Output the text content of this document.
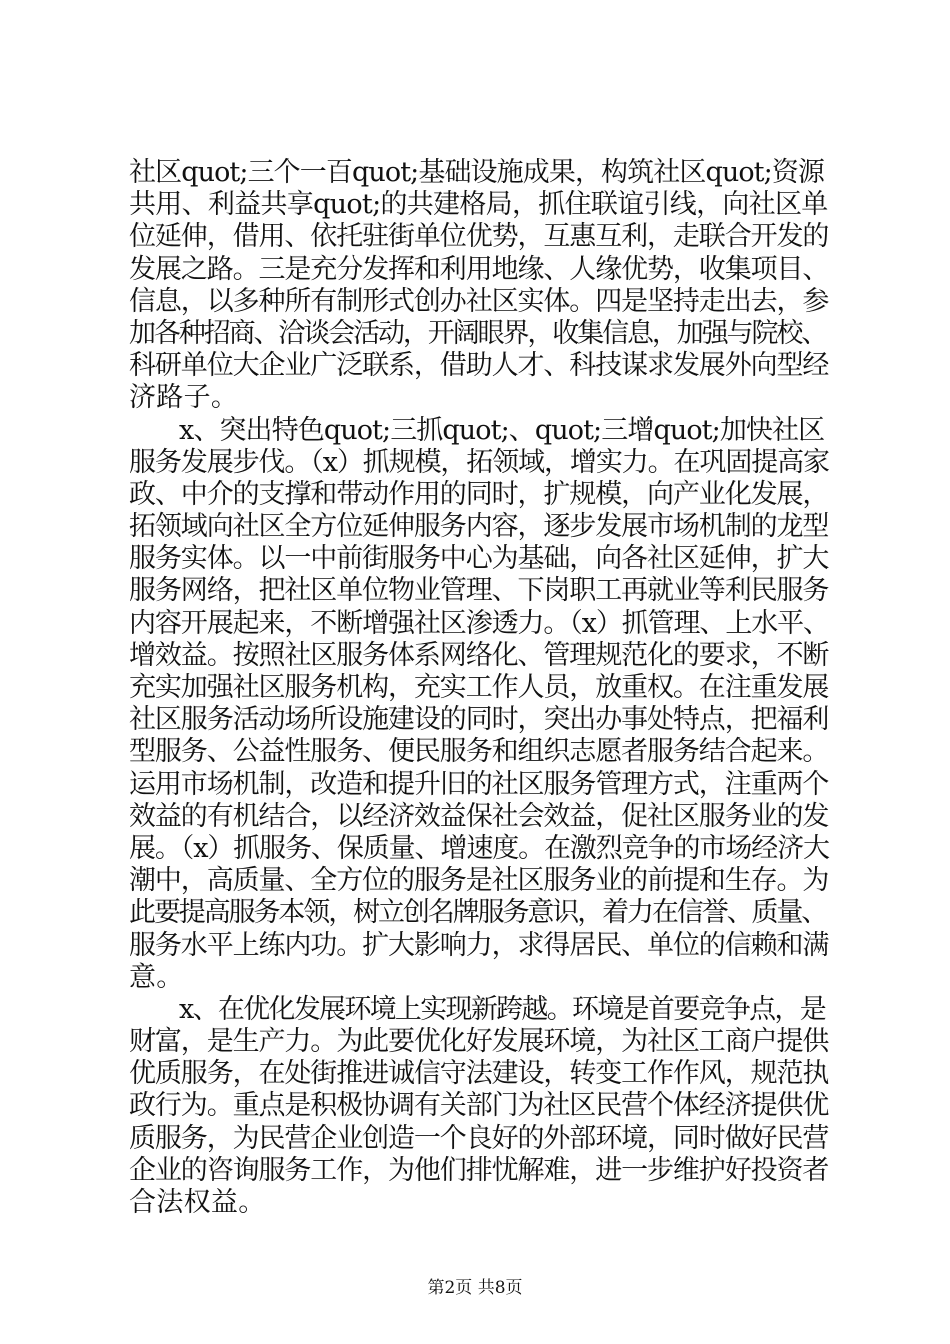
社区quot;三个一百quot;基础设施成果，构筑社区quot;资源
共用、利益共享quot;的共建格局，抓住联谊引线，向社区单
位延伸，借用、依托驻街单位优势，互惠互利，走联合开发的
发展之路。三是充分发挥和利用地缘、人缘优势，收集项目、
信息，以多种所有制形式创办社区实体。四是坚持走出去，参
加各种招商、洽谈会活动，开阔眼界，收集信息，加强与院校、
科研单位大企业广泛联系，借助人才、科技谋求发展外向型经
济路子。
x、突出特色quot;三抓quot;、quot;三增quot;加快社区
服务发展步伐。（x）抓规模，拓领域，增实力。在巩固提高家
政、中介的支撑和带动作用的同时，扩规模，向产业化发展，
拓领域向社区全方位延伸服务内容，逐步发展市场机制的龙型
服务实体。以一中前街服务中心为基础，向各社区延伸，扩大
服务网络，把社区单位物业管理、下岗职工再就业等利民服务
内容开展起来，不断增强社区渗透力。（x）抓管理、上水平、
增效益。按照社区服务体系网络化、管理规范化的要求，不断
充实加强社区服务机构，充实工作人员，放重权。在注重发展
社区服务活动场所设施建设的同时，突出办事处特点，把福利
型服务、公益性服务、便民服务和组织志愿者服务结合起来。
运用市场机制，改造和提升旧的社区服务管理方式，注重两个
效益的有机结合，以经济效益保社会效益，促社区服务业的发
展。（x）抓服务、保质量、增速度。在激烈竞争的市场经济大
潮中，高质量、全方位的服务是社区服务业的前提和生存。为
此要提高服务本领，树立创名牌服务意识，着力在信誉、质量、
服务水平上练内功。扩大影响力，求得居民、单位的信赖和满
意。
x、在优化发展环境上实现新跨越。环境是首要竞争点，是
财富，是生产力。为此要优化好发展环境，为社区工商户提供
优质服务，在处街推进诚信守法建设，转变工作作风，规范执
政行为。重点是积极协调有关部门为社区民营个体经济提供优
质服务，为民营企业创造一个良好的外部环境，同时做好民营
企业的咨询服务工作，为他们排忧解难，进一步维护好投资者
合法权益。
第2页 共8页
